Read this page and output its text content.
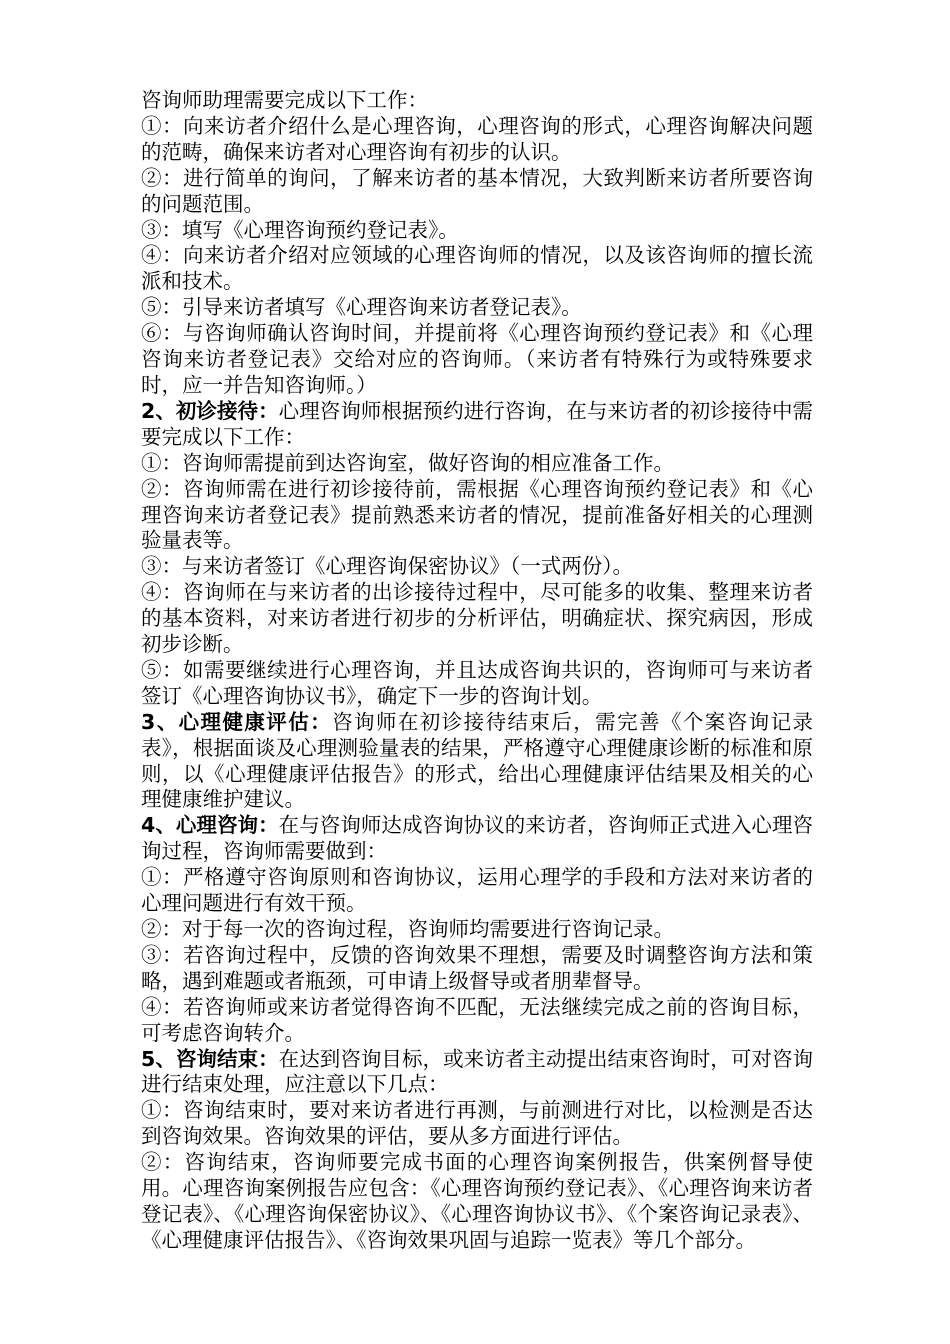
咨询师助理需要完成以下工作：

①：向来访者介绍什么是心理咨询，心理咨询的形式，心理咨询解决问题的范畴，确保来访者对心理咨询有初步的认识。

②：进行简单的询问，了解来访者的基本情况，大致判断来访者所要咨询的问题范围。

③：填写《心理咨询预约登记表》。

④：向来访者介绍对应领域的心理咨询师的情况，以及该咨询师的擅长流派和技术。

⑤：引导来访者填写《心理咨询来访者登记表》。

⑥：与咨询师确认咨询时间，并提前将《心理咨询预约登记表》和《心理咨询来访者登记表》交给对应的咨询师。（来访者有特殊行为或特殊要求时，应一并告知咨询师。）

2、初诊接待：心理咨询师根据预约进行咨询，在与来访者的初诊接待中需要完成以下工作：

①：咨询师需提前到达咨询室，做好咨询的相应准备工作。

②：咨询师需在进行初诊接待前，需根据《心理咨询预约登记表》和《心理咨询来访者登记表》提前熟悉来访者的情况，提前准备好相关的心理测验量表等。

③：与来访者签订《心理咨询保密协议》（一式两份）。

④：咨询师在与来访者的出诊接待过程中，尽可能多的收集、整理来访者的基本资料，对来访者进行初步的分析评估，明确症状、探究病因，形成初步诊断。

⑤：如需要继续进行心理咨询，并且达成咨询共识的，咨询师可与来访者签订《心理咨询协议书》，确定下一步的咨询计划。

3、心理健康评估：咨询师在初诊接待结束后，需完善《个案咨询记录表》，根据面谈及心理测验量表的结果，严格遵守心理健康诊断的标准和原则，以《心理健康评估报告》的形式，给出心理健康评估结果及相关的心理健康维护建议。

4、心理咨询：在与咨询师达成咨询协议的来访者，咨询师正式进入心理咨询过程，咨询师需要做到：

①：严格遵守咨询原则和咨询协议，运用心理学的手段和方法对来访者的心理问题进行有效干预。

②：对于每一次的咨询过程，咨询师均需要进行咨询记录。

③：若咨询过程中，反馈的咨询效果不理想，需要及时调整咨询方法和策略，遇到难题或者瓶颈，可申请上级督导或者朋辈督导。

④：若咨询师或来访者觉得咨询不匹配，无法继续完成之前的咨询目标，可考虑咨询转介。

5、咨询结束：在达到咨询目标，或来访者主动提出结束咨询时，可对咨询进行结束处理，应注意以下几点：

①：咨询结束时，要对来访者进行再测，与前测进行对比，以检测是否达到咨询效果。咨询效果的评估，要从多方面进行评估。

②：咨询结束，咨询师要完成书面的心理咨询案例报告，供案例督导使用。心理咨询案例报告应包含：《心理咨询预约登记表》、《心理咨询来访者登记表》、《心理咨询保密协议》、《心理咨询协议书》、《个案咨询记录表》、《心理健康评估报告》、《咨询效果巩固与追踪一览表》等几个部分。
